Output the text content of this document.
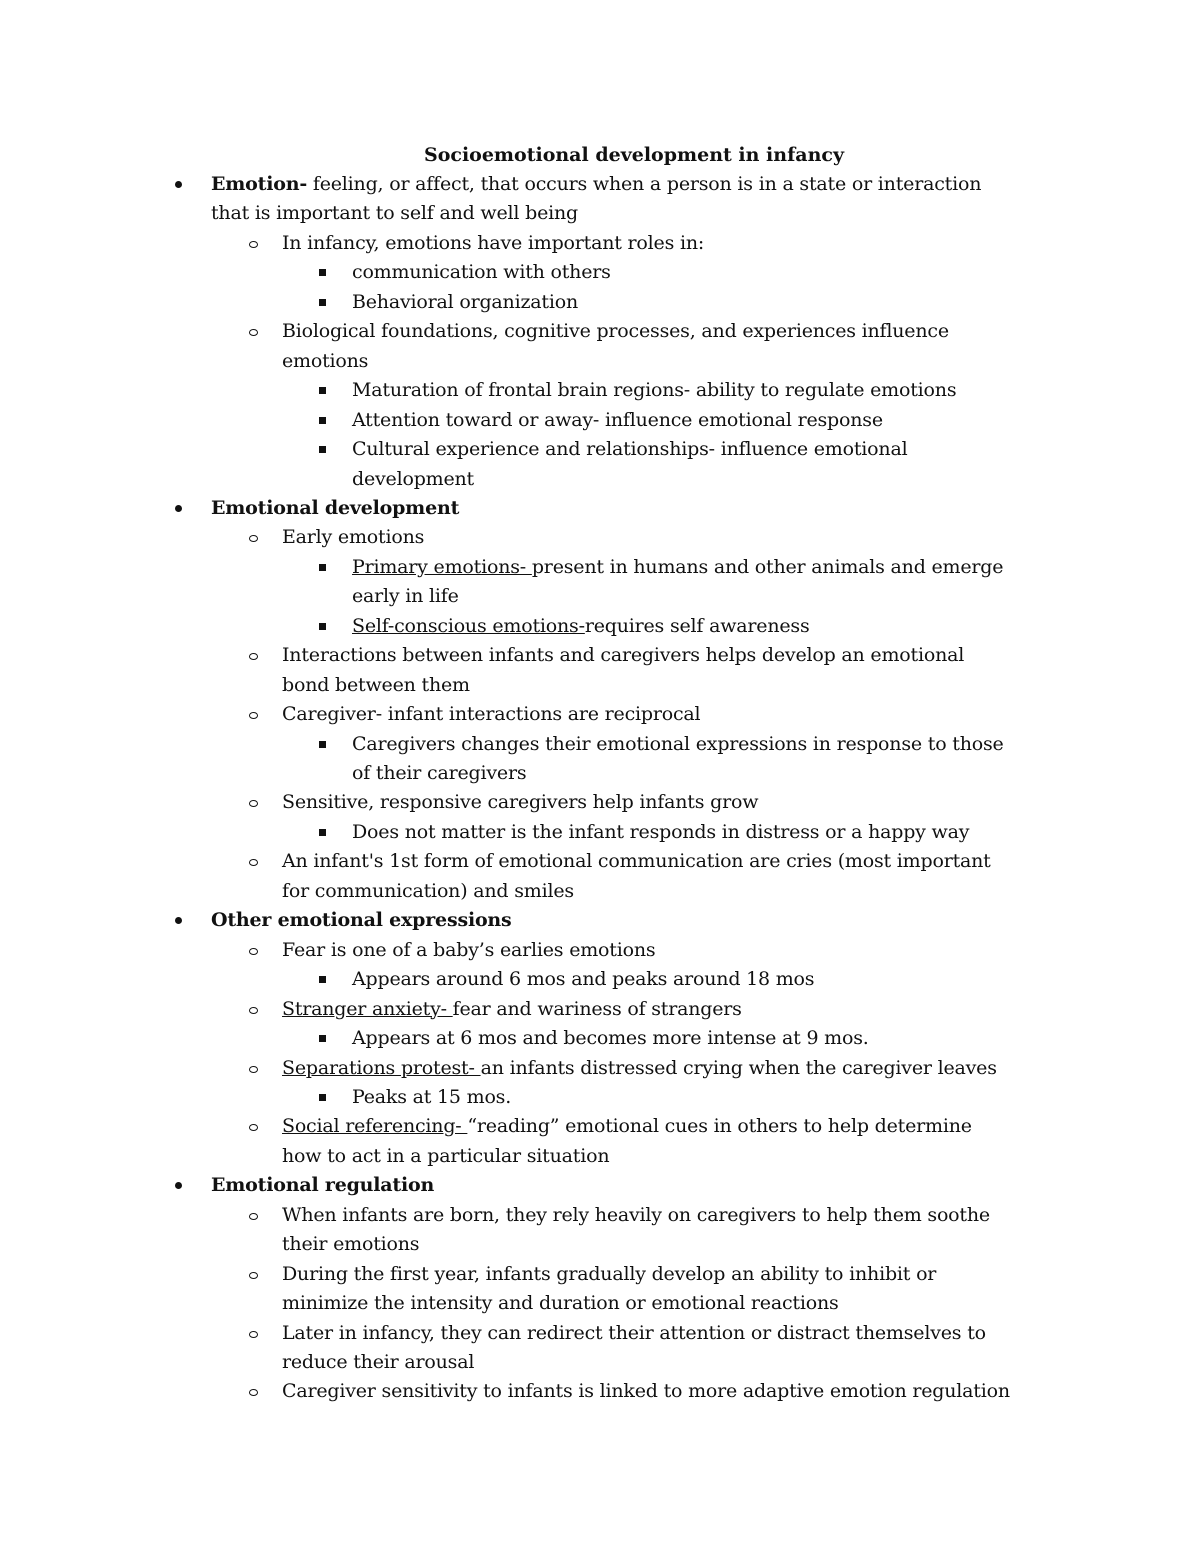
Socioemotional development in infancy
Emotion- feeling, or affect, that occurs when a person is in a state or interaction
that is important to self and well being
In infancy, emotions have important roles in:
communication with others
Behavioral organization
Biological foundations, cognitive processes, and experiences influence
emotions
Maturation of frontal brain regions- ability to regulate emotions
Attention toward or away- influence emotional response
Cultural experience and relationships- influence emotional
development
Emotional development
Early emotions
Primary emotions- present in humans and other animals and emerge
early in life
Self-conscious emotions-requires self awareness
Interactions between infants and caregivers helps develop an emotional
bond between them
Caregiver- infant interactions are reciprocal
Caregivers changes their emotional expressions in response to those
of their caregivers
Sensitive, responsive caregivers help infants grow
Does not matter is the infant responds in distress or a happy way
An infant's 1st form of emotional communication are cries (most important
for communication) and smiles
Other emotional expressions
Fear is one of a baby’s earlies emotions
Appears around 6 mos and peaks around 18 mos
Stranger anxiety- fear and wariness of strangers
Appears at 6 mos and becomes more intense at 9 mos.
Separations protest- an infants distressed crying when the caregiver leaves
Peaks at 15 mos.
Social referencing- “reading” emotional cues in others to help determine
how to act in a particular situation
Emotional regulation
When infants are born, they rely heavily on caregivers to help them soothe
their emotions
During the first year, infants gradually develop an ability to inhibit or
minimize the intensity and duration or emotional reactions
Later in infancy, they can redirect their attention or distract themselves to
reduce their arousal
Caregiver sensitivity to infants is linked to more adaptive emotion regulation
